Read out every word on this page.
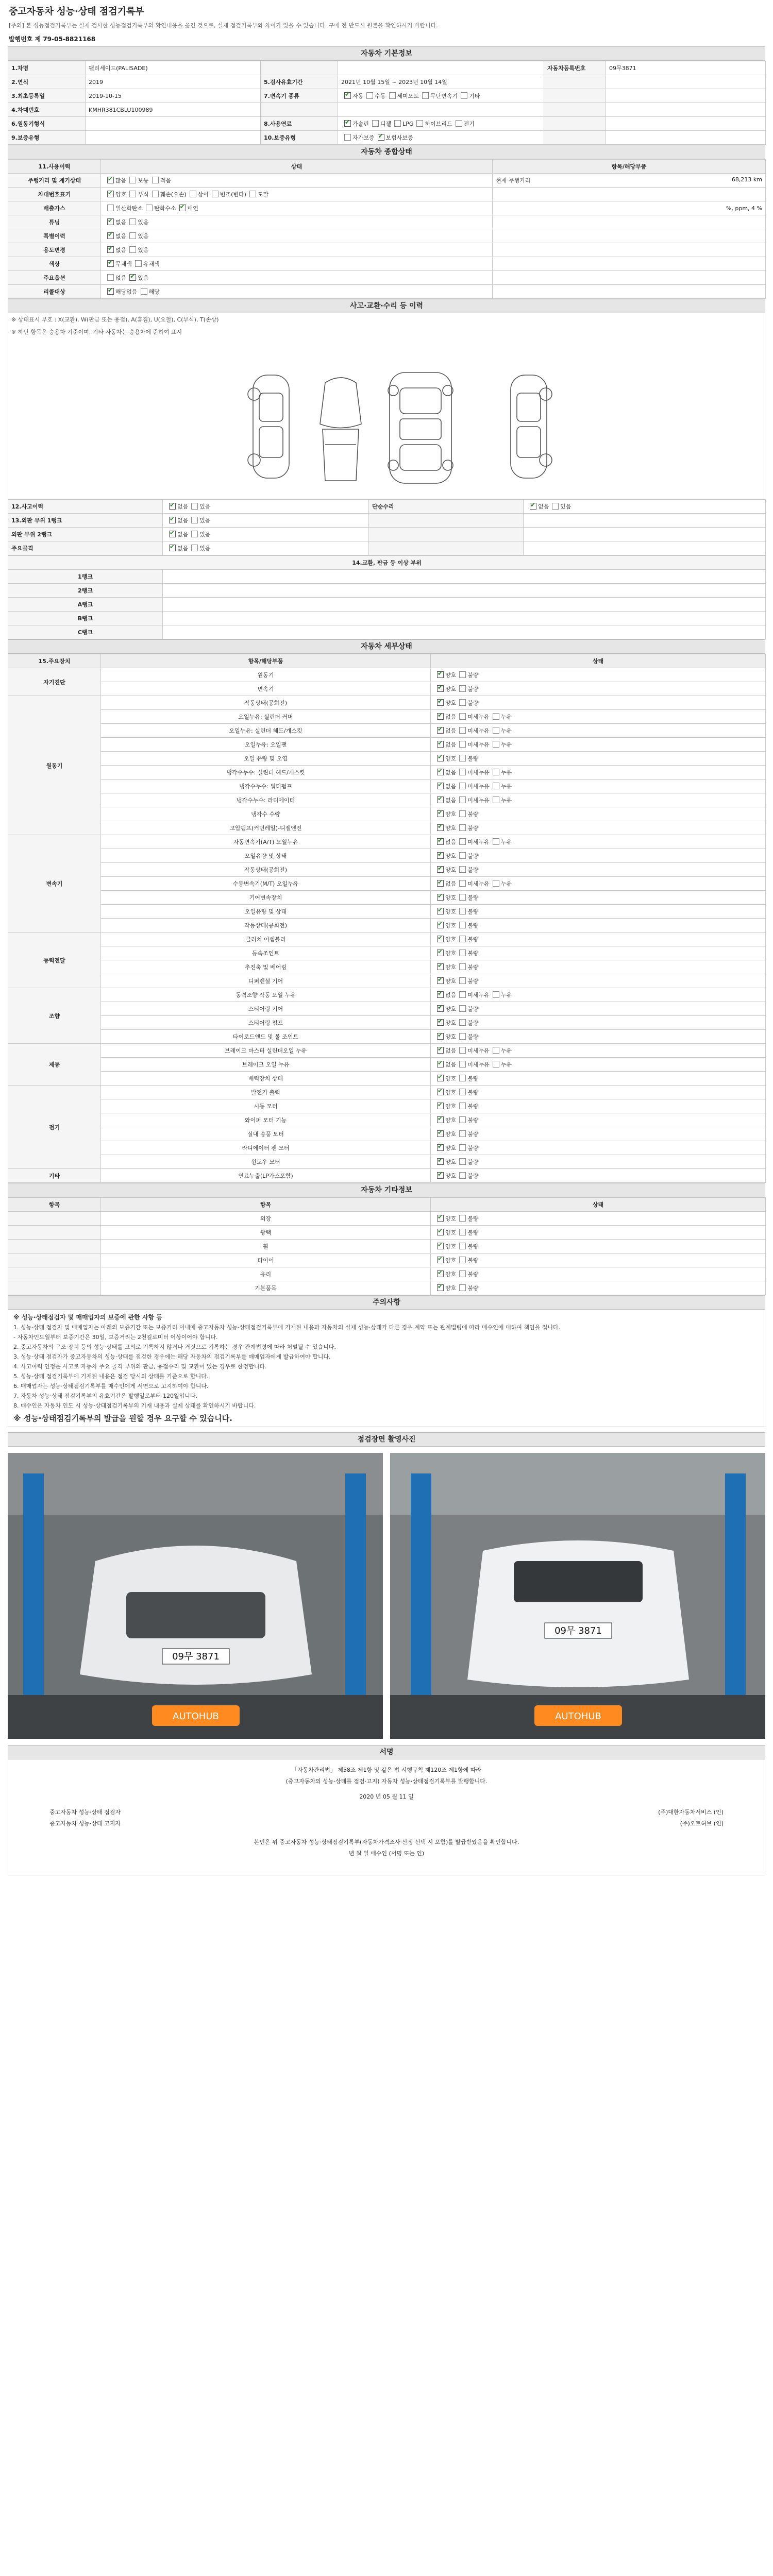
중고자동차 성능·상태 점검기록부
[주의] 본 성능점검기록부는 실제 검사한 성능점검기록부의 확인내용을 옮긴 것으로, 실제 점검기록부와 차이가 있을 수 있습니다. 구매 전 반드시 원본을 확인하시기 바랍니다.
발행번호 제 79-05-8821168
자동차 기본정보
1.차명	팰리세이드(PALISADE)			자동차등록번호	09무3871
2.연식	2019	5.검사유효기간	2021년 10월 15일 ~ 2023년 10월 14일		
3.최초등록일	2019-10-15	7.변속기 종류	✔자동 수동 세미오토 무단변속기 기타		
4.차대번호	KMHR381CBLU100989				
6.원동기형식		8.사용연료	✔가솔린 디젤 LPG 하이브리드 전기		
9.보증유형		10.보증유형	자가보증 ✔ 보험사보증		
자동차 종합상태
11.사용이력	상태	항목/해당부품
주행거리 및 계기상태	✔많음 보통 적음	현재 주행거리 68,213 km

차대번호표기	✔양호 부식 훼손(오손) 상이 변조(변타) 도말	

배출가스	일산화탄소 탄화수소 ✔ 매연	%, ppm, 4 %

튜닝	✔없음 있음	

특별이력	✔없음 있음	

용도변경	✔없음 있음	

색상	✔무채색 유채색	

주요옵션	없음 ✔ 있음	

리콜대상	✔해당없음 해당	
사고·교환·수리 등 이력
※ 상태표시 부호 : X(교환), W(판금 또는 용접), A(흠집), U(요철), C(부식), T(손상)
※ 하단 항목은 승용차 기준이며, 기타 자동차는 승용차에 준하여 표시
12.사고이력	✔없음 있음	단순수리	✔없음 있음
13.외판 부위 1랭크	✔없음 있음		
외판 부위 2랭크	✔없음 있음		
주요골격	✔없음 있음		
14.교환, 판금 등 이상 부위	
1랭크	
2랭크	
A랭크	
B랭크	
C랭크	
자동차 세부상태
15.주요장치	항목/해당부품	상태
자기진단	원동기	✔양호 불량
	변속기	✔양호 불량
원동기	작동상태(공회전)	✔양호 불량
	오일누유: 실린더 커버	✔없음 미세누유 누유
	오일누유: 실린더 헤드/개스킷	✔없음 미세누유 누유
	오일누유: 오일팬	✔없음 미세누유 누유
	오일 유량 및 오염	✔양호 불량
	냉각수누수: 실린더 헤드/개스킷	✔없음 미세누유 누유
	냉각수누수: 워터펌프	✔없음 미세누유 누유
	냉각수누수: 라디에이터	✔없음 미세누유 누유
	냉각수 수량	✔양호 불량
	고압펌프(커먼레일)-디젤엔진	✔양호 불량
변속기	자동변속기(A/T) 오일누유	✔없음 미세누유 누유
	오일유량 및 상태	✔양호 불량
	작동상태(공회전)	✔양호 불량
	수동변속기(M/T) 오일누유	✔없음 미세누유 누유
	기어변속장치	✔양호 불량
	오일유량 및 상태	✔양호 불량
	작동상태(공회전)	✔양호 불량
동력전달	클러치 어셈블리	✔양호 불량
	등속조인트	✔양호 불량
	추진축 및 베어링	✔양호 불량
	디퍼렌셜 기어	✔양호 불량
조향	동력조향 작동 오일 누유	✔없음 미세누유 누유
	스티어링 기어	✔양호 불량
	스티어링 펌프	✔양호 불량
	타이로드엔드 및 볼 조인트	✔양호 불량
제동	브레이크 마스터 실린더오일 누유	✔없음 미세누유 누유
	브레이크 오일 누유	✔없음 미세누유 누유
	배력장치 상태	✔양호 불량
전기	발전기 출력	✔양호 불량
	시동 모터	✔양호 불량
	와이퍼 모터 기능	✔양호 불량
	실내 송풍 모터	✔양호 불량
	라디에이터 팬 모터	✔양호 불량
	윈도우 모터	✔양호 불량
기타	연료누출(LP가스포함)	✔양호 불량
자동차 기타정보
항목	항목	상태
	외장	✔양호 불량
	광택	✔양호 불량
	휠	✔양호 불량
	타이어	✔양호 불량
	유리	✔양호 불량
	기본품목	✔양호 불량
주의사항
※ 성능·상태점검자 및 매매업자의 보증에 관한 사항 등
1. 성능·상태 점검자 및 매매업자는 아래의 보증기간 또는 보증거리 이내에 중고자동차 성능·상태점검기록부에 기재된 내용과 자동차의 실제 성능·상태가 다른 경우 계약 또는 관계법령에 따라 매수인에 대하여 책임을 집니다.
- 자동차인도일부터 보증기간은 30일, 보증거리는 2천킬로미터 이상이어야 합니다.
2. 중고자동차의 구조·장치 등의 성능·상태를 고의로 기록하지 않거나 거짓으로 기록하는 경우 관계법령에 따라 처벌될 수 있습니다.
3. 성능·상태 점검자가 중고자동차의 성능·상태를 점검한 경우에는 해당 자동차의 점검기록부를 매매업자에게 발급하여야 합니다.
4. 사고이력 인정은 사고로 자동차 주요 골격 부위의 판금, 용접수리 및 교환이 있는 경우로 한정합니다.
5. 성능·상태 점검기록부에 기재된 내용은 점검 당시의 상태를 기준으로 합니다.
6. 매매업자는 성능·상태점검기록부를 매수인에게 서면으로 고지하여야 합니다.
7. 자동차 성능·상태 점검기록부의 유효기간은 발행일로부터 120일입니다.
8. 매수인은 자동차 인도 시 성능·상태점검기록부의 기재 내용과 실제 상태를 확인하시기 바랍니다.
※ 성능·상태점검기록부의 발급을 원할 경우 요구할 수 있습니다.
점검장면 촬영사진
09무 3871
AUTOHUB
09무 3871
AUTOHUB
서명
「자동차관리법」 제58조 제1항 및 같은 법 시행규칙 제120조 제1항에 따라
(중고자동차의 성능·상태를 점검·고지) 자동차 성능·상태점검기록부를 발행합니다.
2020 년 05 월 11 일
중고자동차 성능·상태 점검자	(주)대한자동차서비스 (인)
중고자동차 성능·상태 고지자	(주)오토허브 (인)
본인은 위 중고자동차 성능·상태점검기록부(자동차가격조사·산정 선택 시 포함)를 발급받았음을 확인합니다.
년 월 일 매수인 (서명 또는 인)
